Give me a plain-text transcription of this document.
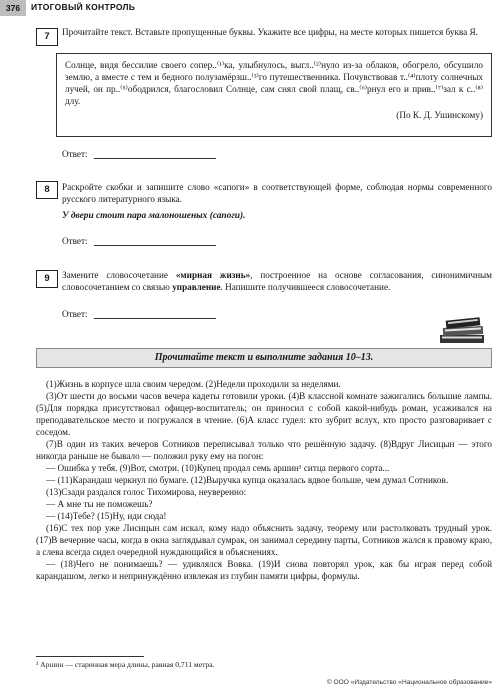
376	ИТОГОВЫЙ КОНТРОЛЬ
7	Прочитайте текст. Вставьте пропущенные буквы. Укажите все цифры, на месте которых пишется буква Я.
Солнце, видя бессилие своего сопер..⁽¹⁾ка, улыбнулось, выгл..⁽²⁾нуло из-за облаков, обогрело, обсушило землю, а вместе с тем и бедного полузамёрзш..⁽³⁾го путешественника. Почувствовав т..⁽⁴⁾плоту солнечных лучей, он пр..⁽⁵⁾ободрился, благословил Солнце, сам снял свой плащ, св..⁽⁶⁾рнул его и прив..⁽⁷⁾зал к с..⁽⁸⁾длу.
(По К. Д. Ушинскому)
Ответ:
8	Раскройте скобки и запишите слово «сапоги» в соответствующей форме, соблюдая нормы современного русского литературного языка.
У двери стоит пара малоношеных (сапоги).
Ответ:
9	Замените словосочетание «мирная жизнь», построенное на основе согласования, синонимичным словосочетанием со связью управление. Напишите получившееся словосочетание.
Ответ:
Прочитайте текст и выполните задания 10–13.

(1)Жизнь в корпусе шла своим чередом. (2)Недели проходили за неделями.

(3)От шести до восьми часов вечера кадеты готовили уроки. (4)В классной комнате зажигались большие лампы. (5)Для порядка присутствовал офицер-воспитатель; он приносил с собой какой-нибудь роман, усаживался на преподавательское место и погружался в чтение. (6)А класс гудел: кто зубрит вслух, кто просто разговаривает с соседом.

(7)В один из таких вечеров Сотников переписывал только что решённую задачу. (8)Вдруг Лисицын — этого никогда раньше не бывало — положил руку ему на погон:

— Ошибка у тебя. (9)Вот, смотри. (10)Купец продал семь аршин¹ ситца первого сорта...

— (11)Карандаш черкнул по бумаге. (12)Выручка купца оказалась вдвое больше, чем думал Сотников.

(13)Сзади раздался голос Тихомирова, неуверенно:

— А мне ты не поможешь?

— (14)Тебе? (15)Ну, иди сюда!

(16)С тех пор уже Лисицын сам искал, кому надо объяснить задачу, теорему или растолковать трудный урок. (17)В вечерние часы, когда в окна заглядывал сумрак, он занимал середину парты, Сотников жался к правому краю, а слева всегда сидел очередной нуждающийся в объяснениях.

— (18)Чего не понимаешь? — удивлялся Вовка. (19)И снова повторял урок, как бы играя перед собой карандашом, легко и непринуждённо извлекая из глубин памяти цифры, формулы.

¹ Аршин — старинная мера длины, равная 0,711 метра.
© ООО «Издательство «Национальное образование»
